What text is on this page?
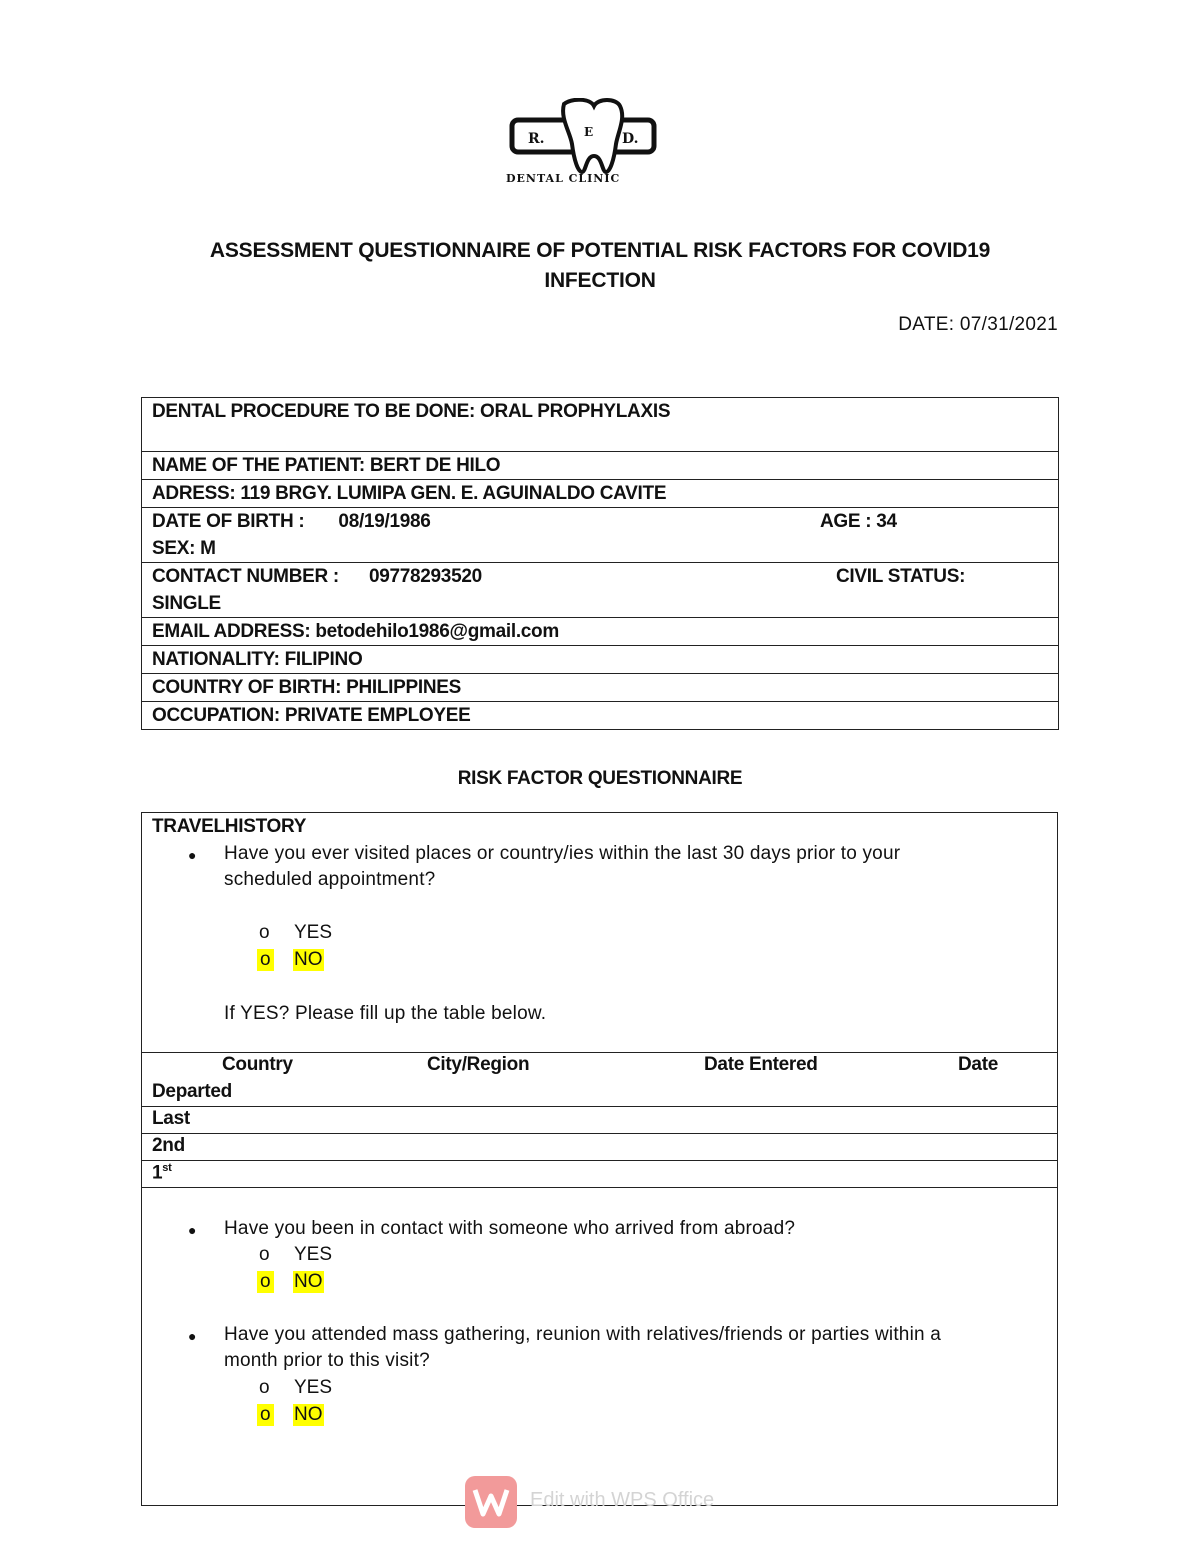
R.	E D.
DENTAL CLINIC
ASSESSMENT QUESTIONNAIRE OF POTENTIAL RISK FACTORS FOR COVID19
INFECTION
DATE: 07/31/2021
DENTAL PROCEDURE TO BE DONE: ORAL PROPHYLAXIS
NAME OF THE PATIENT: BERT DE HILO
ADRESS: 119 BRGY. LUMIPA GEN. E. AGUINALDO CAVITE

DATE OF BIRTH : 08/19/1986	AGE : 34
SEX: M

CONTACT NUMBER : 09778293520	CIVIL STATUS:
SINGLE

EMAIL ADDRESS: betodehilo1986@gmail.com
NATIONALITY: FILIPINO
COUNTRY OF BIRTH: PHILIPPINES
OCCUPATION: PRIVATE EMPLOYEE
RISK FACTOR QUESTIONNAIRE
TRAVELHISTORY
● Have you ever visited places or country/ies within the last 30 days prior to your
scheduled appointment?
o YES
o NO
If YES? Please fill up the table below.
Country	City/Region	Date Entered	Date
Departed
Last
2nd
1st
● Have you been in contact with someone who arrived from abroad?
o YES
o NO
● Have you attended mass gathering, reunion with relatives/friends or parties within a
month prior to this visit?
o YES
o NO
Edit with WPS Office
